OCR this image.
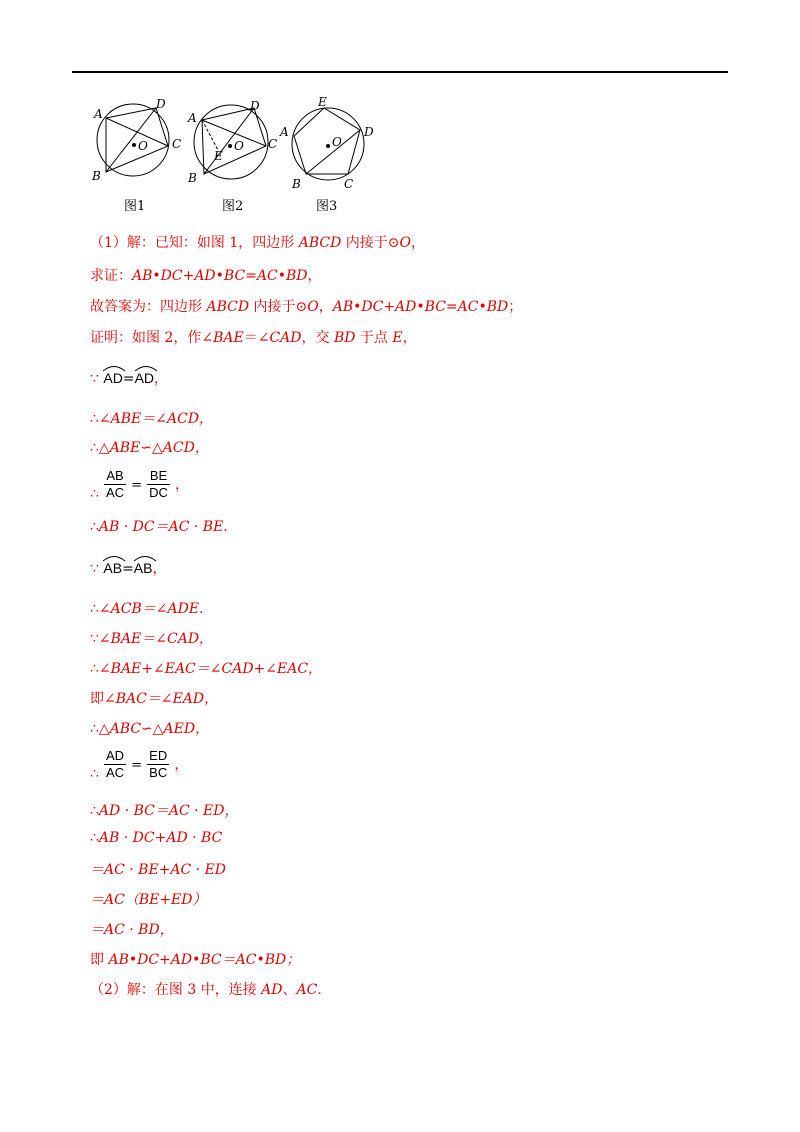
A
D
C
B
O
图1
A
D
C
B
E
O
图2
E
A	D
B	C
O
图3
（1）解：已知：如图 1，四边形 ABCD 内接于⊙O，
求证：AB•DC+AD•BC=AC•BD，
故答案为：四边形 ABCD 内接于⊙O，AB•DC+AD•BC=AC•BD；
证明：如图 2，作∠BAE＝∠CAD，交 BD 于点 E，
∵ AD=
AD，
∴∠ABE＝∠ACD，
∴△ABE∽△ACD，
$\frac{AB}{AC} = \frac{BE}{DC}$ ，
∴
∴AB · DC＝AC · BE.
∵ AB=
AB，
∴∠ACB＝∠ADE.
∵∠BAE＝∠CAD，
∴∠BAE+∠EAC＝∠CAD+∠EAC，
即∠BAC＝∠EAD，
∴△ABC∽△AED，
$\frac{AD}{AC} = \frac{ED}{BC}$ ，
∴
∴AD · BC＝AC · ED，
∴AB · DC+AD · BC
＝AC · BE+AC · ED
＝AC（BE+ED）
＝AC · BD，
即 AB•DC+AD•BC＝AC•BD；
（2）解：在图 3 中，连接 AD、AC.
